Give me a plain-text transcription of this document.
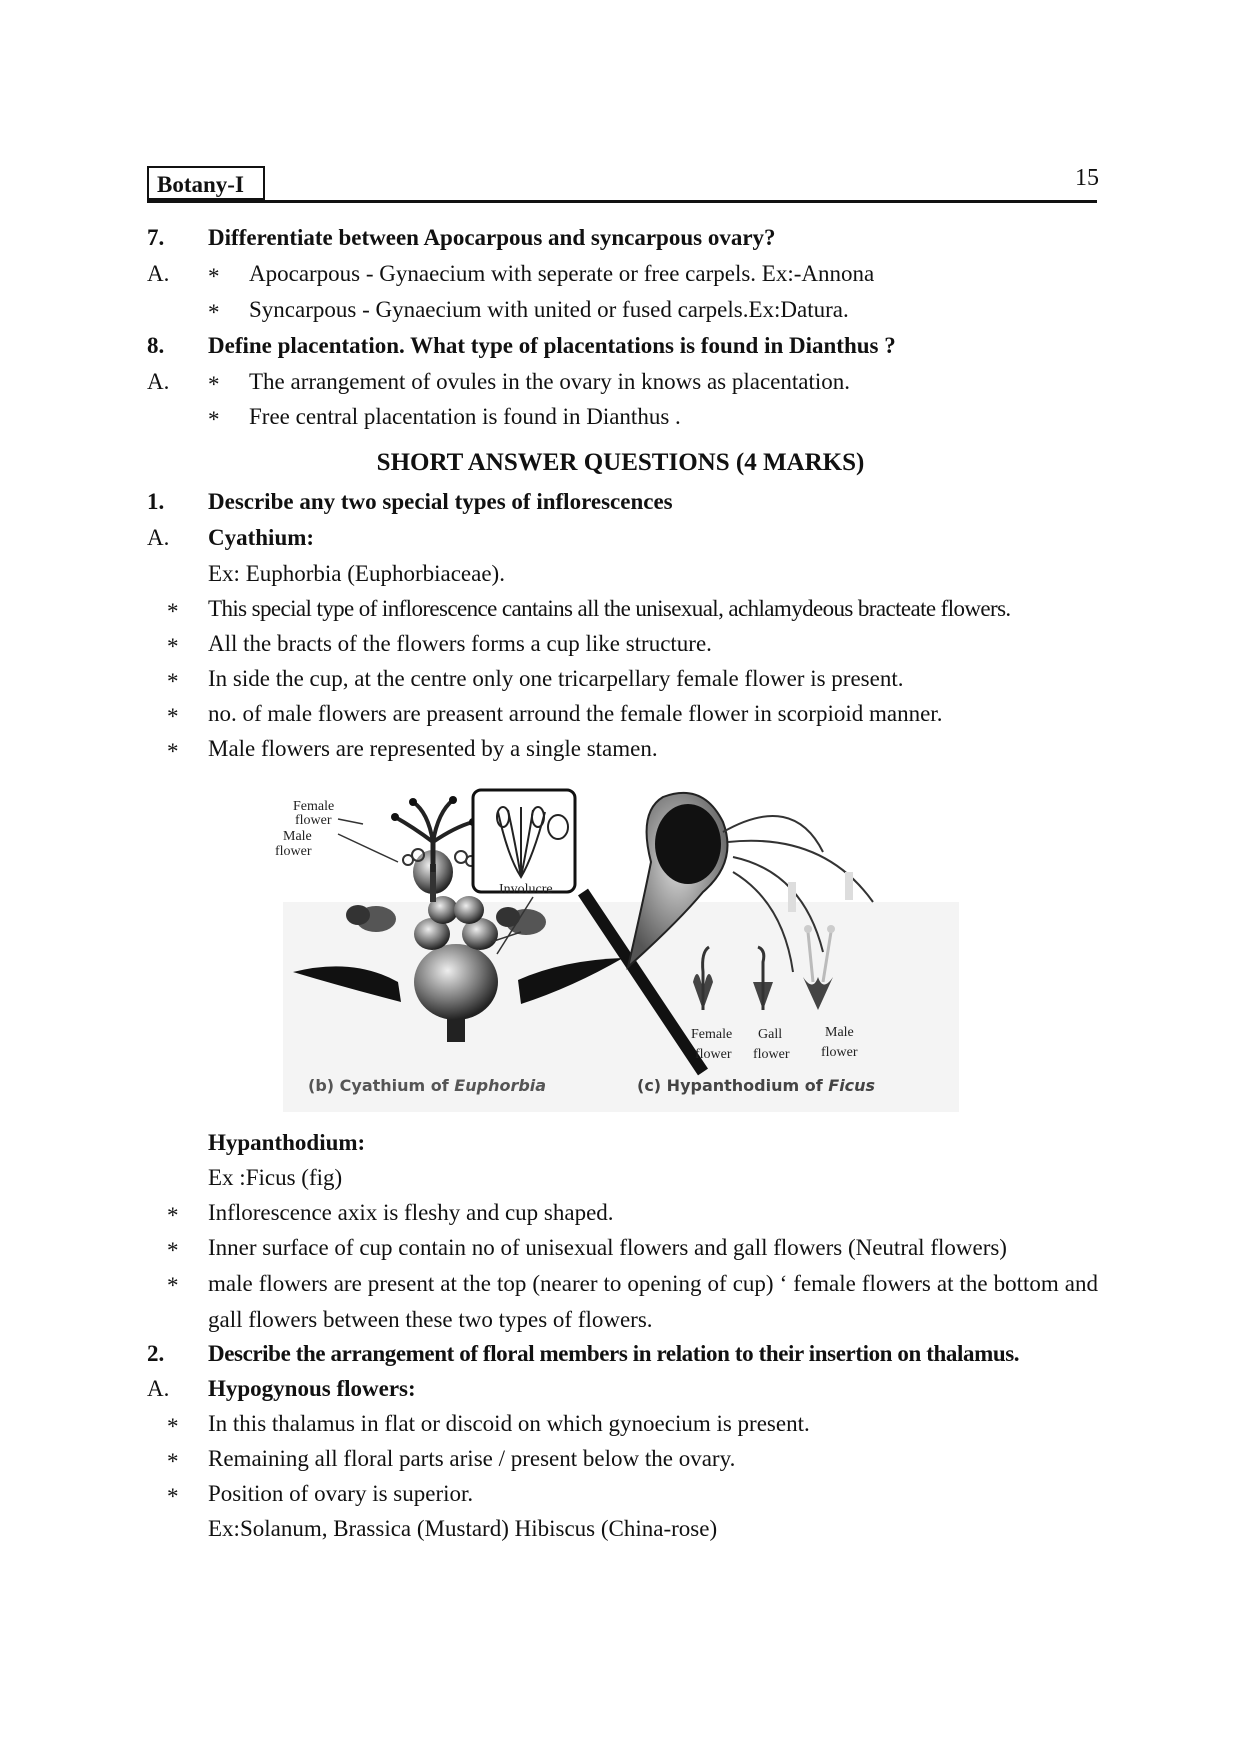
Botany-I	15
7. Differentiate between Apocarpous and syncarpous ovary?
A. * Apocarpous - Gynaecium with seperate or free carpels. Ex:-Annona
* Syncarpous - Gynaecium with united or fused carpels.Ex:Datura.
8. Define placentation. What type of placentations is found in Dianthus ?
A. * The arrangement of ovules in the ovary in knows as placentation.
* Free central placentation is found in Dianthus .
SHORT ANSWER QUESTIONS (4 MARKS)
1. Describe any two special types of inflorescences
A. Cyathium:
Ex: Euphorbia (Euphorbiaceae).
* This special type of inflorescence cantains all the unisexual, achlamydeous bracteate flowers.
* All the bracts of the flowers forms a cup like structure.
* In side the cup, at the centre only one tricarpellary female flower is present.
* no. of male flowers are preasent arround the female flower in scorpioid manner.
* Male flowers are represented by a single stamen.
Female
flower
Male
flower
Involucre
Female
flower
Gall
flower
Male
flower
(b) Cyathium of Euphorbia	(c) Hypanthodium of Ficus
Hypanthodium:
Ex :Ficus (fig)
* Inflorescence axix is fleshy and cup shaped.
* Inner surface of cup contain no of unisexual flowers and gall flowers (Neutral flowers)
* male flowers are present at the top (nearer to opening of cup) ‘ female flowers at the bottom and gall flowers between these two types of flowers.
2. Describe the arrangement of floral members in relation to their insertion on thalamus.
A. Hypogynous flowers:
* In this thalamus in flat or discoid on which gynoecium is present.
* Remaining all floral parts arise / present below the ovary.
* Position of ovary is superior.
Ex:Solanum, Brassica (Mustard) Hibiscus (China-rose)
